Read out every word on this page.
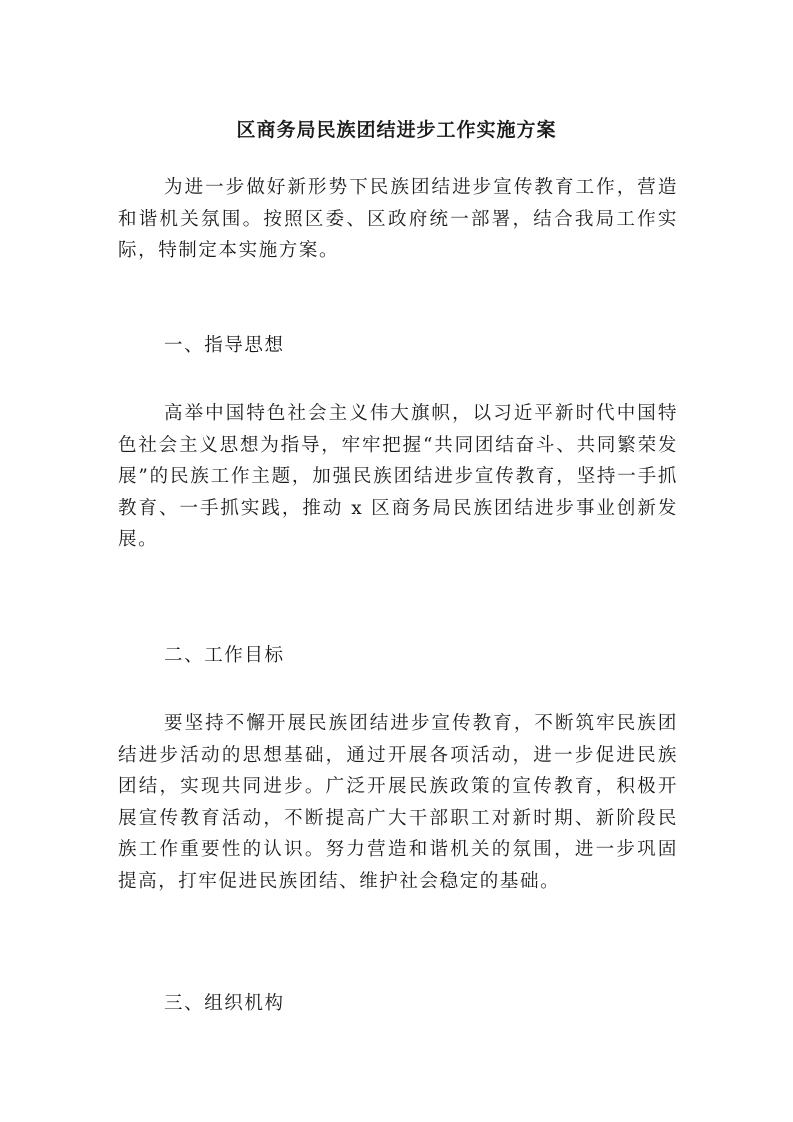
区商务局民族团结进步工作实施方案

为进一步做好新形势下民族团结进步宣传教育工作，营造和谐机关氛围。按照区委、区政府统一部署，结合我局工作实际，特制定本实施方案。

一、指导思想

高举中国特色社会主义伟大旗帜，以习近平新时代中国特色社会主义思想为指导，牢牢把握“共同团结奋斗、共同繁荣发展”的民族工作主题，加强民族团结进步宣传教育，坚持一手抓教育、一手抓实践，推动 x 区商务局民族团结进步事业创新发展。

二、工作目标

要坚持不懈开展民族团结进步宣传教育，不断筑牢民族团结进步活动的思想基础，通过开展各项活动，进一步促进民族团结，实现共同进步。广泛开展民族政策的宣传教育，积极开展宣传教育活动，不断提高广大干部职工对新时期、新阶段民族工作重要性的认识。努力营造和谐机关的氛围，进一步巩固提高，打牢促进民族团结、维护社会稳定的基础。

三、组织机构
